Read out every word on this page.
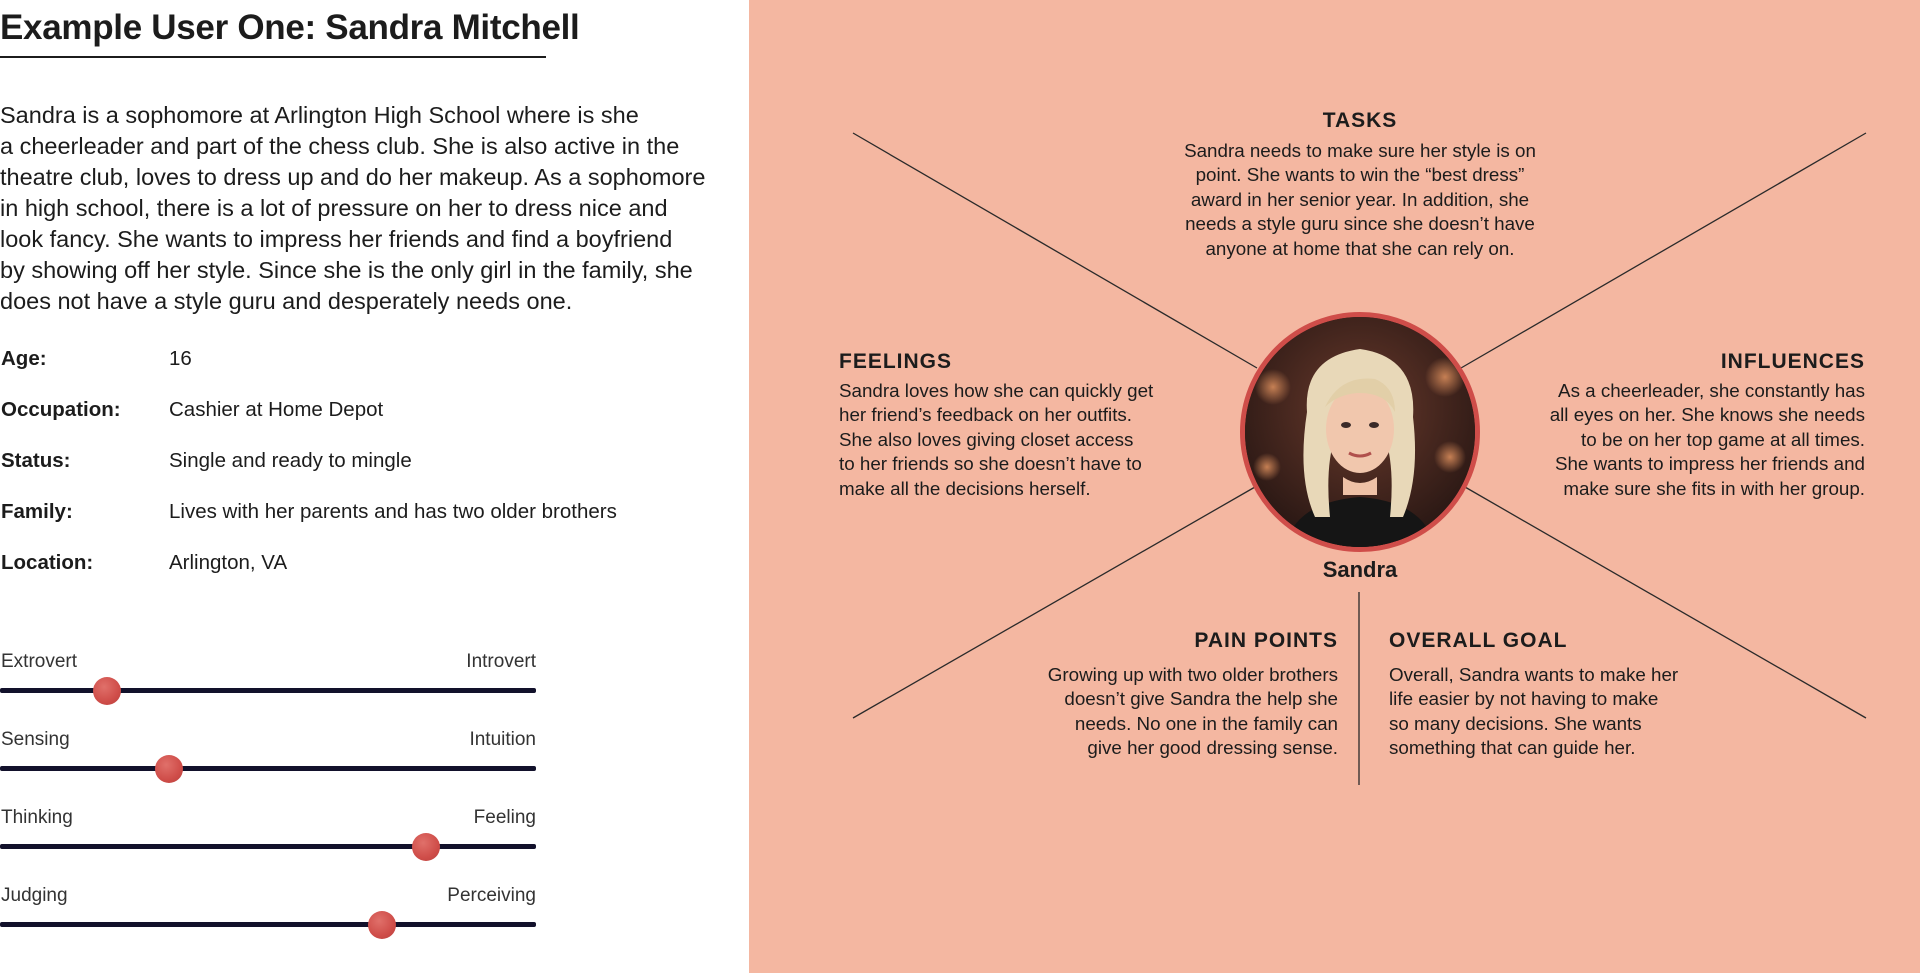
Example User One: Sandra Mitchell
Sandra is a sophomore at Arlington High School where is she
a cheerleader and part of the chess club. She is also active in the
theatre club, loves to dress up and do her makeup. As a sophomore
in high school, there is a lot of pressure on her to dress nice and
look fancy. She wants to impress her friends and find a boyfriend
by showing off her style. Since she is the only girl in the family, she
does not have a style guru and desperately needs one.
Age:	16
Occupation: Cashier at Home Depot
Status:	Single and ready to mingle
Family:	Lives with her parents and has two older brothers
Location:	Arlington, VA
Extrovert	Introvert
Sensing	Intuition
Thinking	Feeling
Judging	Perceiving
TASKS
Sandra needs to make sure her style is on
point. She wants to win the “best dress”
award in her senior year. In addition, she
needs a style guru since she doesn’t have
anyone at home that she can rely on.
FEELINGS
Sandra loves how she can quickly get
her friend’s feedback on her outfits.
She also loves giving closet access
to her friends so she doesn’t have to
make all the decisions herself.
INFLUENCES
As a cheerleader, she constantly has
all eyes on her. She knows she needs
to be on her top game at all times.
She wants to impress her friends and
make sure she fits in with her group.
Sandra
PAIN POINTS
Growing up with two older brothers
doesn’t give Sandra the help she
needs. No one in the family can
give her good dressing sense.
OVERALL GOAL
Overall, Sandra wants to make her
life easier by not having to make
so many decisions. She wants
something that can guide her.
